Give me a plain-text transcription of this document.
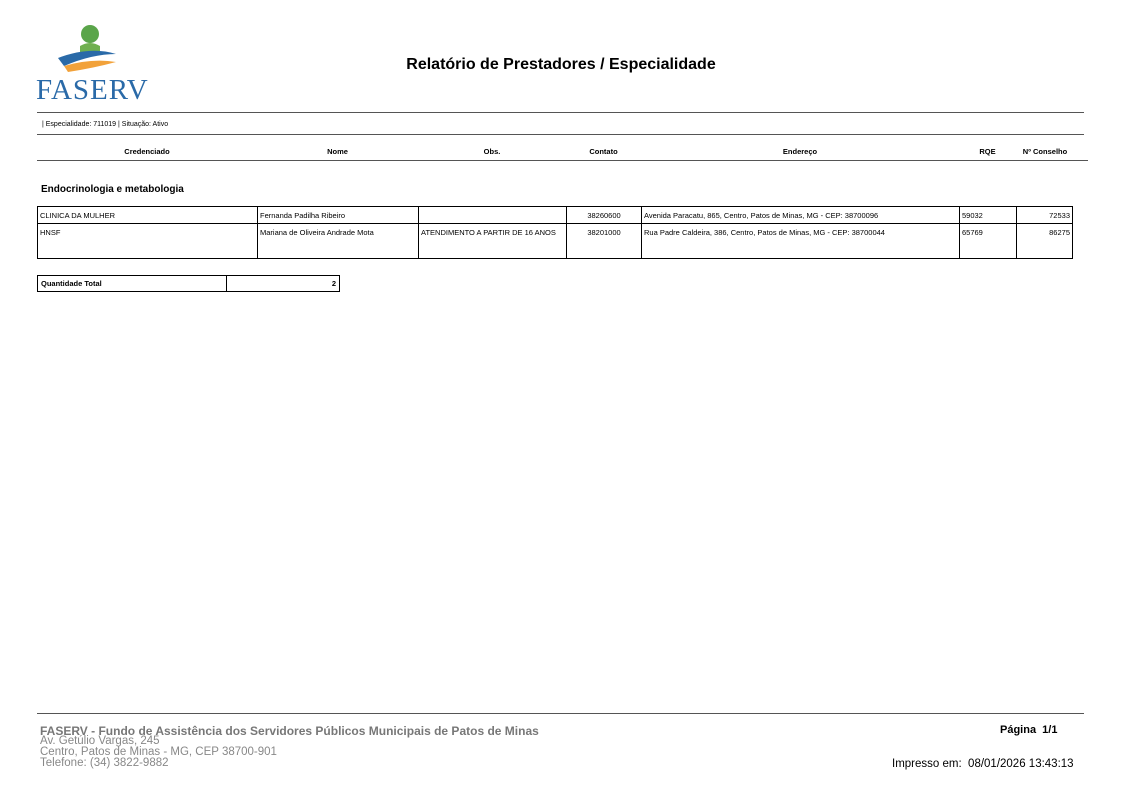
FASERV
Relatório de Prestadores / Especialidade
| Especialidade: 711019 | Situação: Ativo
Credenciado	Nome	Obs.	Contato	Endereço	RQE	Nº Conselho
Endocrinologia e metabologia
CLINICA DA MULHER	Fernanda Padilha Ribeiro		38260600	Avenida Paracatu, 865, Centro, Patos de Minas, MG - CEP: 38700096	59032	72533
HNSF	Mariana de Oliveira Andrade Mota	ATENDIMENTO A PARTIR DE 16 ANOS	38201000	Rua Padre Caldeira, 386, Centro, Patos de Minas, MG - CEP: 38700044	65769	86275
Quantidade Total	2
FASERV - Fundo de Assistência dos Servidores Públicos Municipais de Patos de Minas
Av. Getúlio Vargas, 245
Centro, Patos de Minas - MG, CEP 38700-901
Telefone: (34) 3822-9882
Página  1/1
Impresso em:  08/01/2026 13:43:13
